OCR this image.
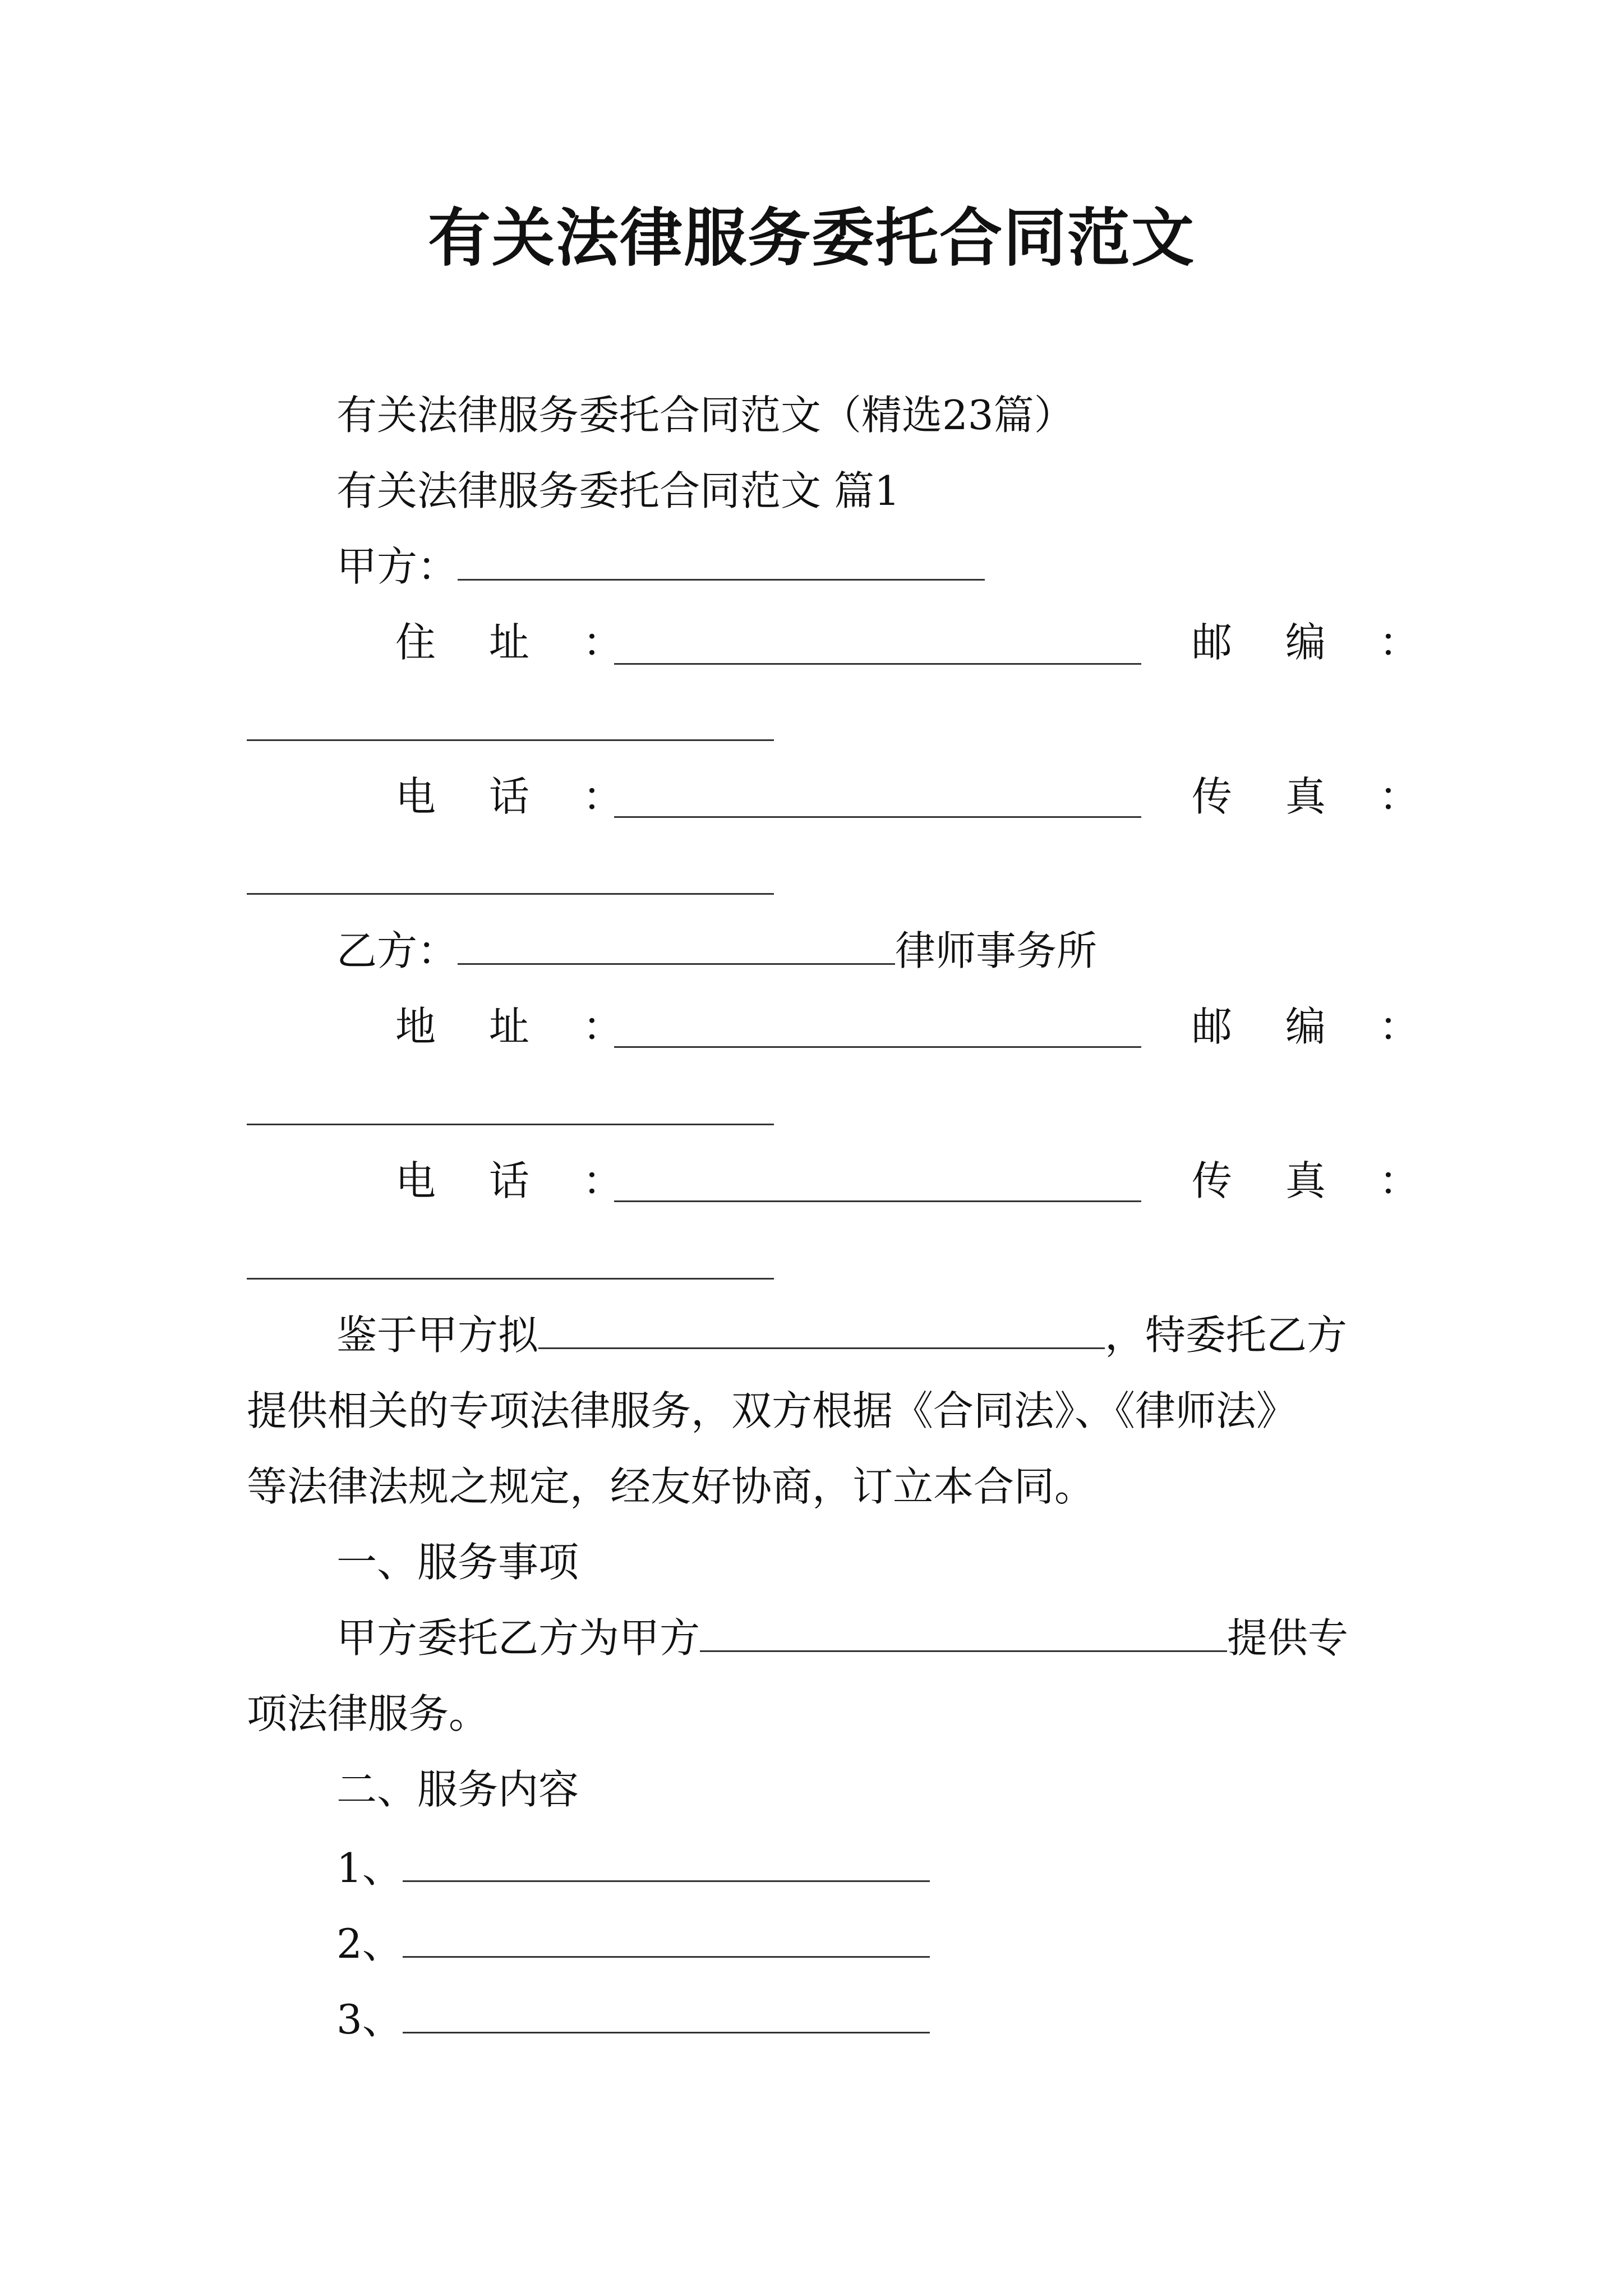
有关法律服务委托合同范文
有关法律服务委托合同范文（精选23篇）
有关法律服务委托合同范文 篇1
甲方：
住 址 ：	邮 编 ：
电 话 ：	传 真 ：
乙方：	律师事务所
地 址 ：	邮 编 ：
电 话 ：	传 真 ：
鉴于甲方拟	，特委托乙方
提供相关的专项法律服务，双方根据《合同法》、《律师法》
等法律法规之规定，经友好协商，订立本合同。
一、服务事项
甲方委托乙方为甲方	提供专
项法律服务。
二、服务内容
1、
2、
3、
